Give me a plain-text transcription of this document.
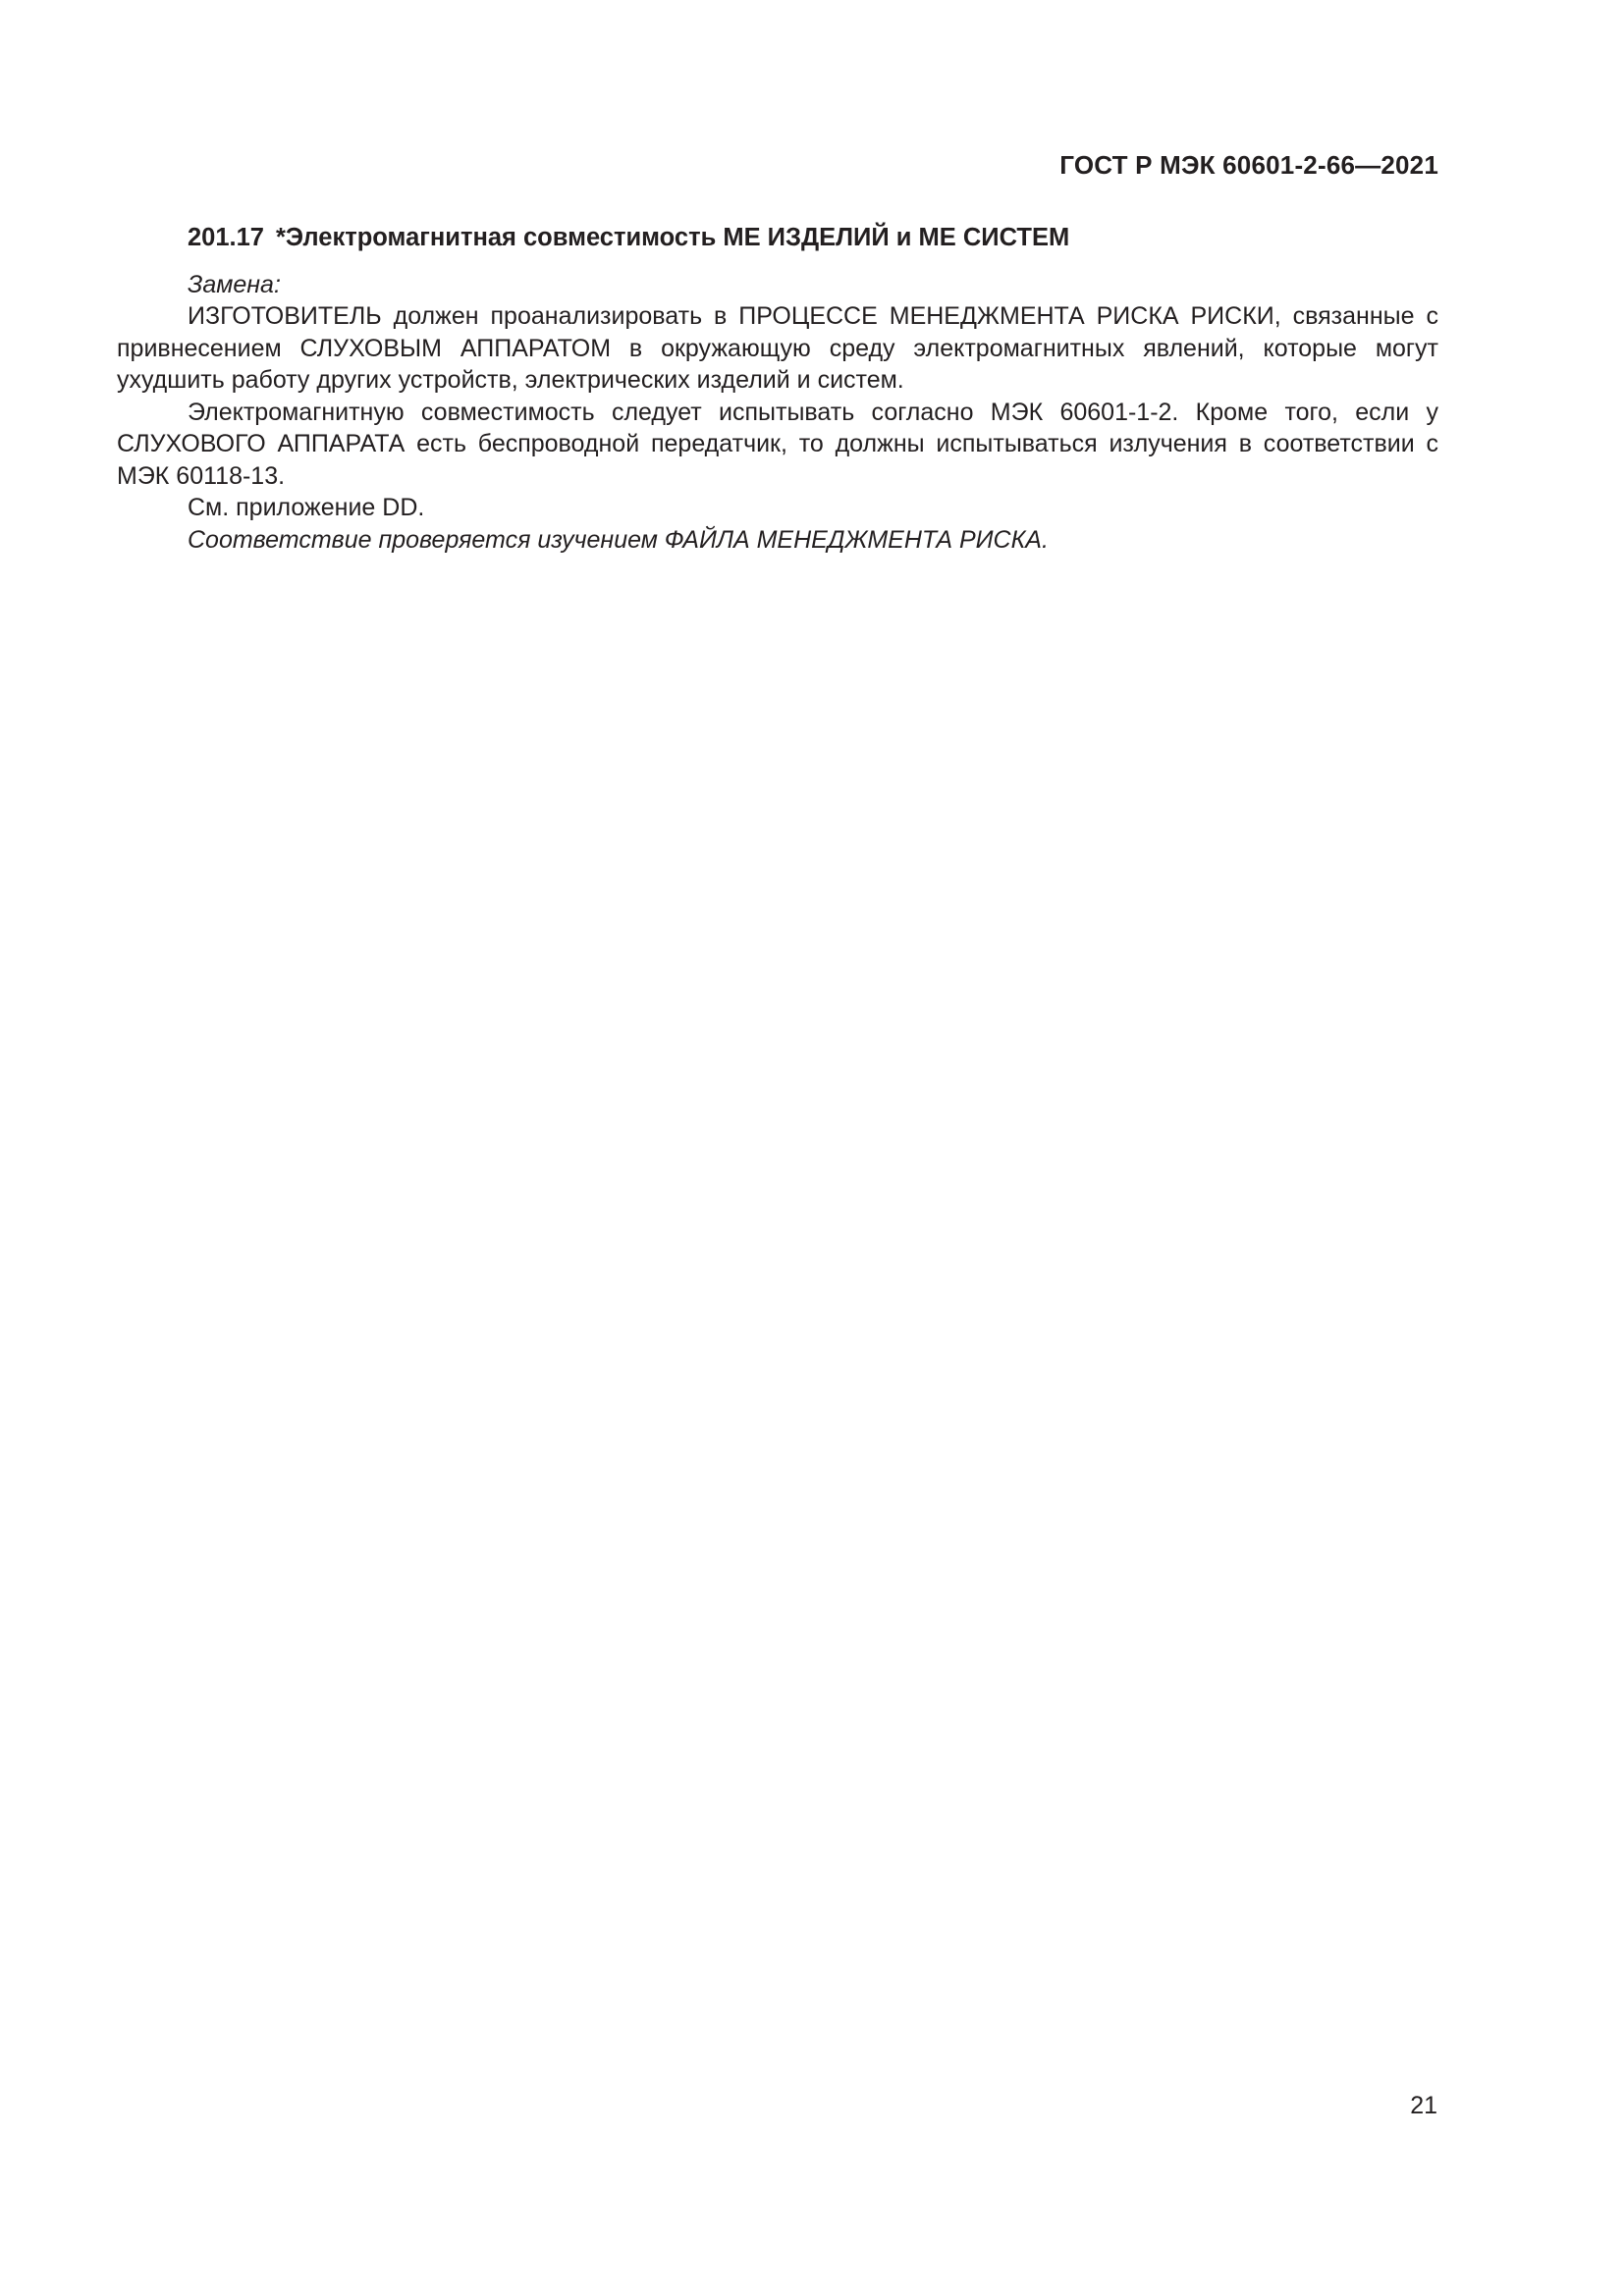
ГОСТ Р МЭК 60601-2-66—2021
201.17 *Электромагнитная совместимость МЕ ИЗДЕЛИЙ и МЕ СИСТЕМ

Замена:

ИЗГОТОВИТЕЛЬ должен проанализировать в ПРОЦЕССЕ МЕНЕДЖМЕНТА РИСКА РИСКИ, связанные с привнесением СЛУХОВЫМ АППАРАТОМ в окружающую среду электромагнитных явлений, которые могут ухудшить работу других устройств, электрических изделий и систем.

Электромагнитную совместимость следует испытывать согласно МЭК 60601-1-2. Кроме того, если у СЛУХОВОГО АППАРАТА есть беспроводной передатчик, то должны испытываться излучения в соответствии с МЭК 60118-13.

См. приложение DD.

Соответствие проверяется изучением ФАЙЛА МЕНЕДЖМЕНТА РИСКА.

21
